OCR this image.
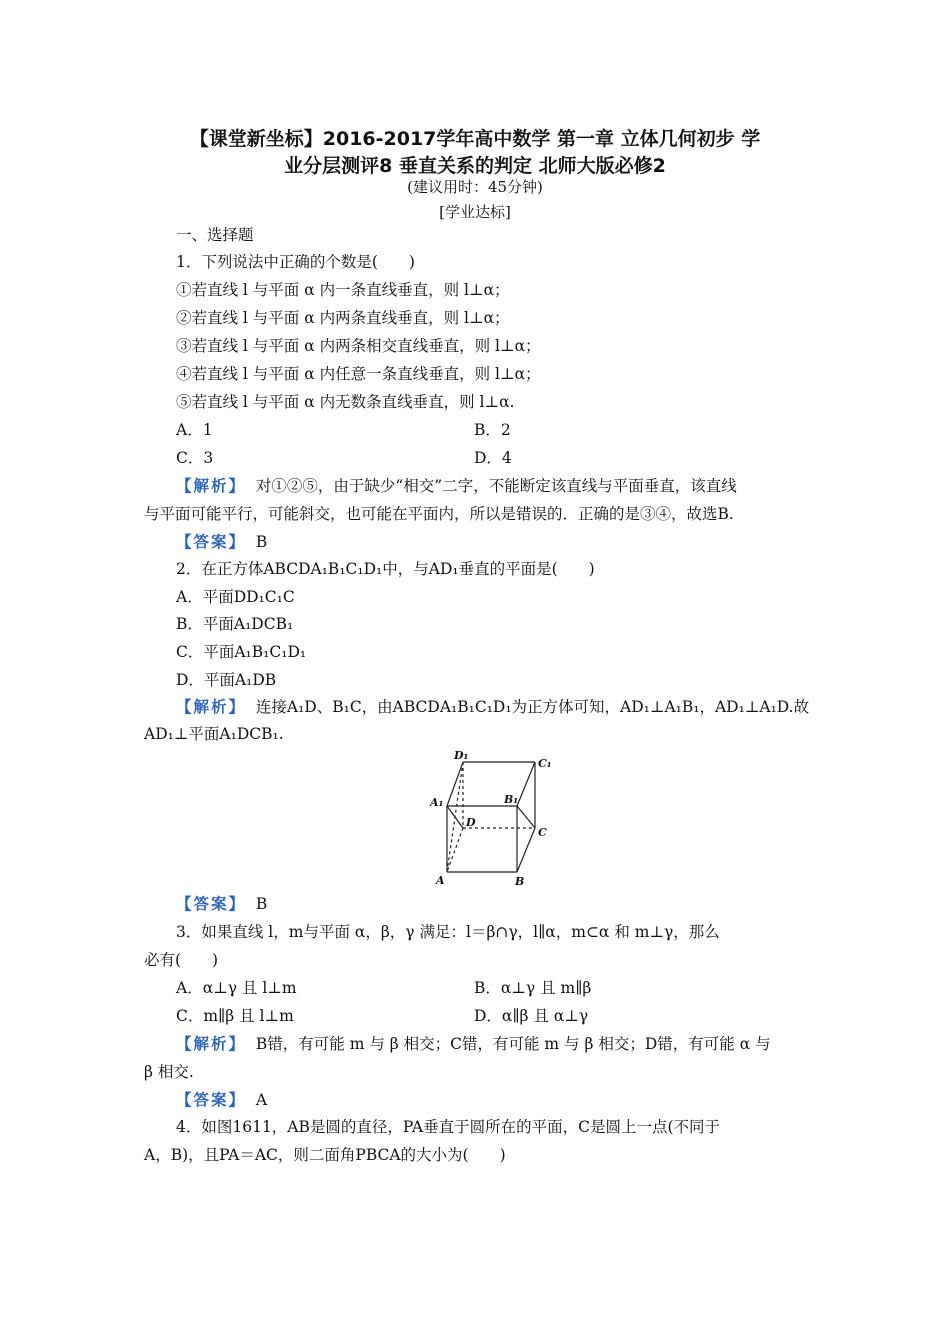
【课堂新坐标】2016-2017学年高中数学 第一章 立体几何初步 学
业分层测评8 垂直关系的判定 北师大版必修2
(建议用时：45分钟)
[学业达标]
一、选择题
1．下列说法中正确的个数是(　　)
①若直线 l 与平面 α 内一条直线垂直，则 l⊥α；
②若直线 l 与平面 α 内两条直线垂直，则 l⊥α；
③若直线 l 与平面 α 内两条相交直线垂直，则 l⊥α；
④若直线 l 与平面 α 内任意一条直线垂直，则 l⊥α；
⑤若直线 l 与平面 α 内无数条直线垂直，则 l⊥α.
A．1	B．2
C．3	D．4
【解析】 对①②⑤，由于缺少“相交”二字，不能断定该直线与平面垂直，该直线
与平面可能平行，可能斜交，也可能在平面内，所以是错误的．正确的是③④，故选B.
【答案】 B
2．在正方体ABCDA₁B₁C₁D₁中，与AD₁垂直的平面是(　　)
A．平面DD₁C₁C
B．平面A₁DCB₁
C．平面A₁B₁C₁D₁
D．平面A₁DB
【解析】 连接A₁D、B₁C，由ABCDA₁B₁C₁D₁为正方体可知，AD₁⊥A₁B₁，AD₁⊥A₁D.故
AD₁⊥平面A₁DCB₁.
D₁
C₁
A₁	B₁
D
C
A	B
【答案】 B
3．如果直线 l，m与平面 α，β，γ 满足：l＝β∩γ，l∥α，m⊂α 和 m⊥γ，那么
必有(　　)
A．α⊥γ 且 l⊥m	B．α⊥γ 且 m∥β
C．m∥β 且 l⊥m	D．α∥β 且 α⊥γ
【解析】 B错，有可能 m 与 β 相交；C错，有可能 m 与 β 相交；D错，有可能 α 与
β 相交.
【答案】 A
4．如图1611，AB是圆的直径，PA垂直于圆所在的平面，C是圆上一点(不同于
A，B)，且PA＝AC，则二面角PBCA的大小为(　　)
